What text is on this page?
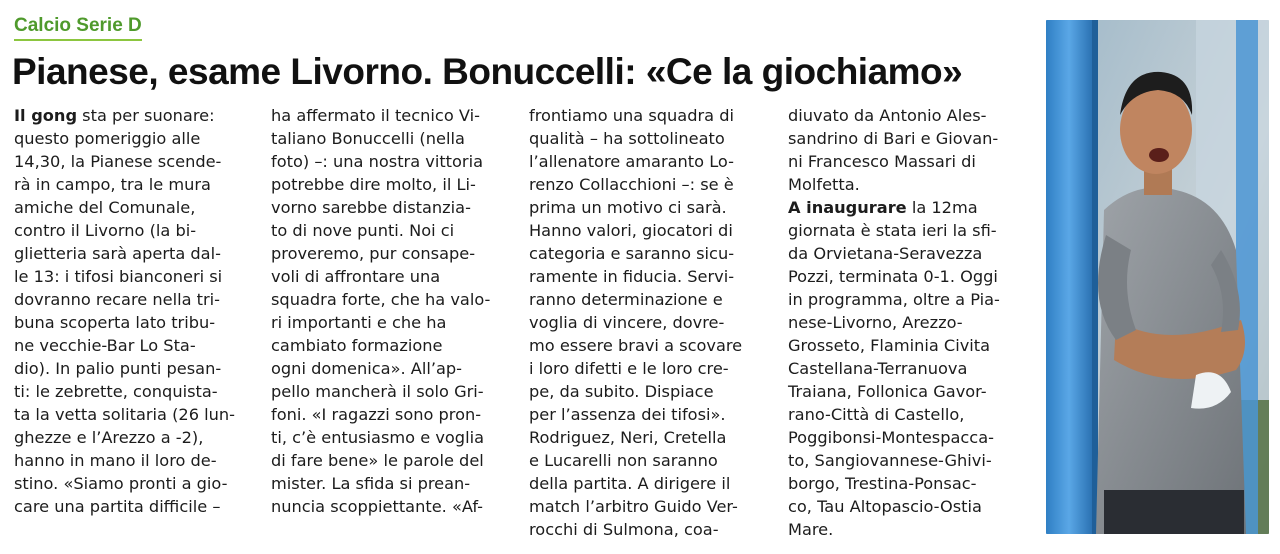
Calcio Serie D
Pianese, esame Livorno. Bonuccelli: «Ce la giochiamo»

Il gong sta per suonare:
questo pomeriggio alle
14,30, la Pianese scende-
rà in campo, tra le mura
amiche del Comunale,
contro il Livorno (la bi-
glietteria sarà aperta dal-
le 13: i tifosi bianconeri si
dovranno recare nella tri-
buna scoperta lato tribu-
ne vecchie-Bar Lo Sta-
dio). In palio punti pesan-
ti: le zebrette, conquista-
ta la vetta solitaria (26 lun-
ghezze e l’Arezzo a -2),
hanno in mano il loro de-
stino. «Siamo pronti a gio-
care una partita difficile –

ha affermato il tecnico Vi-
taliano Bonuccelli (nella
foto) –: una nostra vittoria
potrebbe dire molto, il Li-
vorno sarebbe distanzia-
to di nove punti. Noi ci
proveremo, pur consape-
voli di affrontare una
squadra forte, che ha valo-
ri importanti e che ha
cambiato formazione
ogni domenica». All’ap-
pello mancherà il solo Gri-
foni. «I ragazzi sono pron-
ti, c’è entusiasmo e voglia
di fare bene» le parole del
mister. La sfida si prean-
nuncia scoppiettante. «Af-

frontiamo una squadra di
qualità – ha sottolineato
l’allenatore amaranto Lo-
renzo Collacchioni –: se è
prima un motivo ci sarà.
Hanno valori, giocatori di
categoria e saranno sicu-
ramente in fiducia. Servi-
ranno determinazione e
voglia di vincere, dovre-
mo essere bravi a scovare
i loro difetti e le loro cre-
pe, da subito. Dispiace
per l’assenza dei tifosi».
Rodriguez, Neri, Cretella
e Lucarelli non saranno
della partita. A dirigere il
match l’arbitro Guido Ver-
rocchi di Sulmona, coa-

diuvato da Antonio Ales-
sandrino di Bari e Giovan-
ni Francesco Massari di
Molfetta.

A inaugurare la 12ma
giornata è stata ieri la sfi-
da Orvietana-Seravezza
Pozzi, terminata 0-1. Oggi
in programma, oltre a Pia-
nese-Livorno, Arezzo-
Grosseto, Flaminia Civita
Castellana-Terranuova
Traiana, Follonica Gavor-
rano-Città di Castello,
Poggibonsi-Montespacca-
to, Sangiovannese-Ghivi-
borgo, Trestina-Ponsac-
co, Tau Altopascio-Ostia
Mare.
